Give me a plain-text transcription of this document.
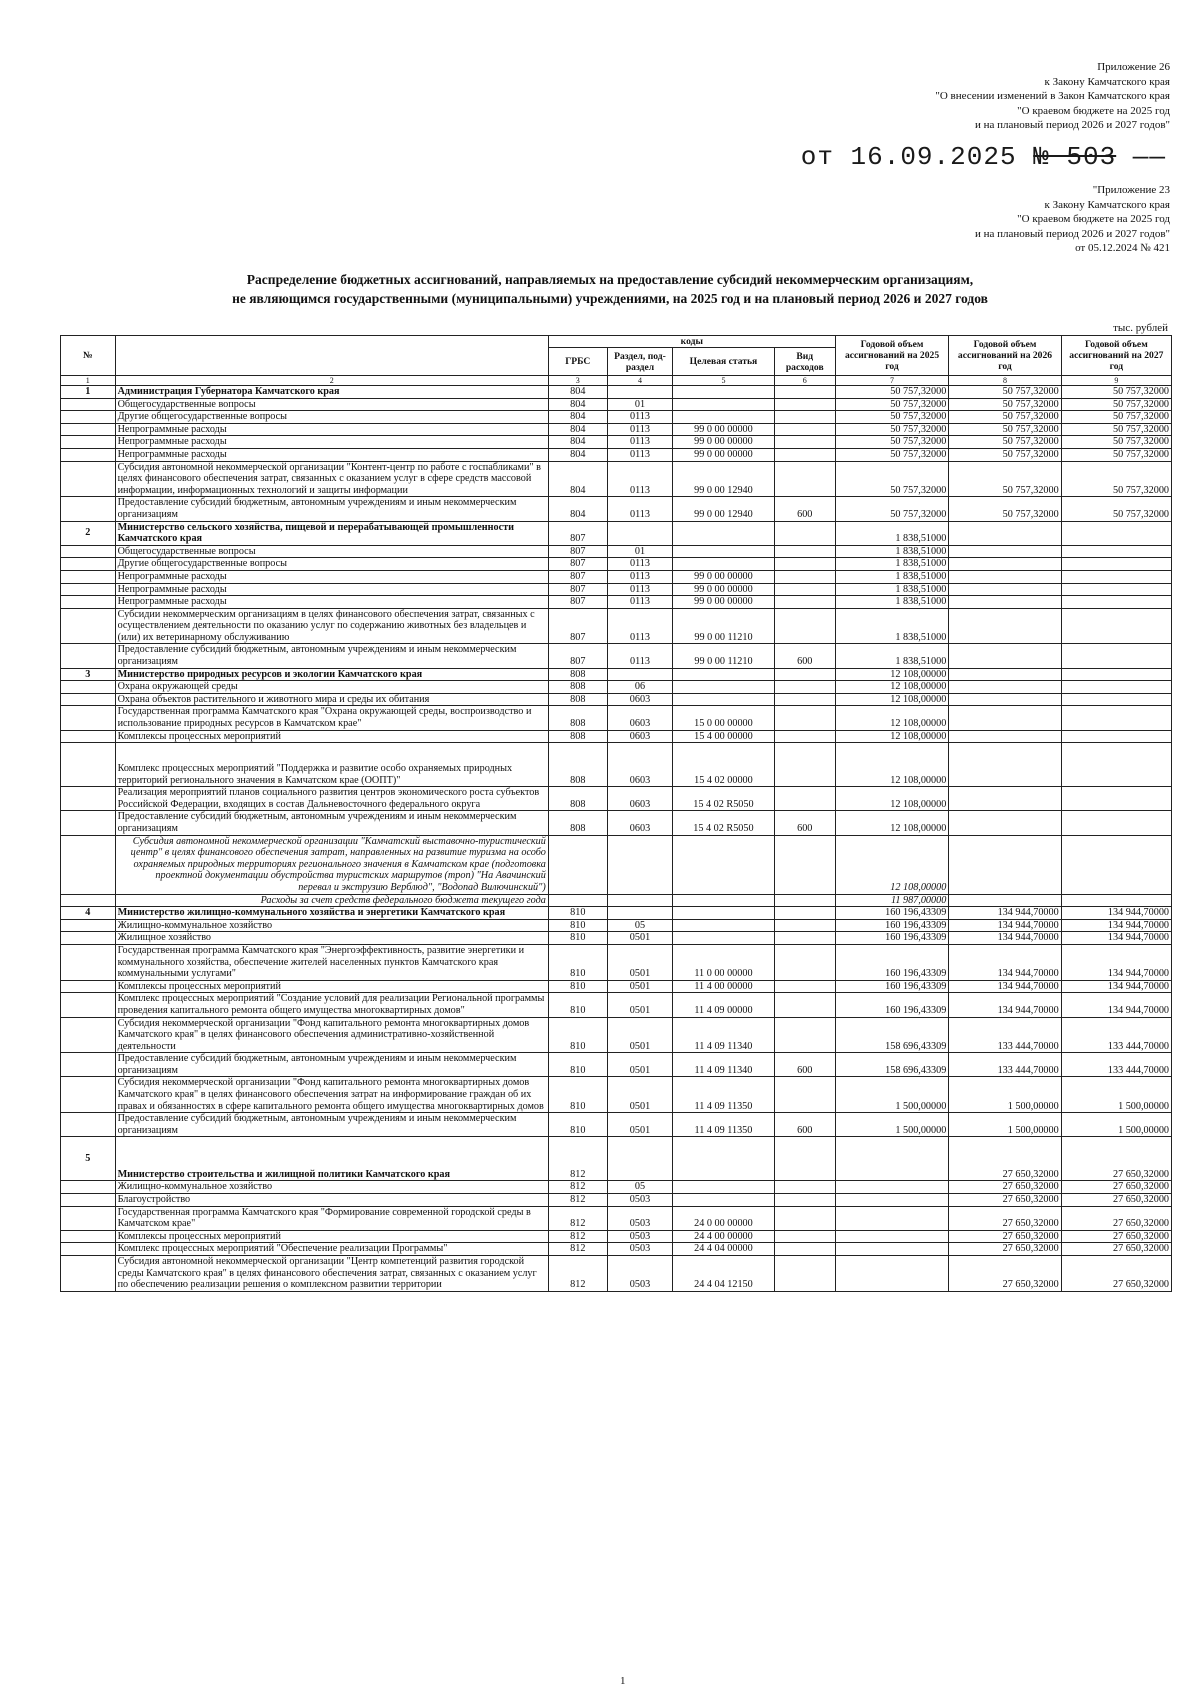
Приложение 26
к Закону Камчатского края
"О внесении изменений в Закон Камчатского края
"О краевом бюджете на 2025 год
и на плановый период 2026 и 2027 годов"
от 16.09.2025 № 503 ——
"Приложение 23
к Закону Камчатского края
"О краевом бюджете на 2025 год
и на плановый период 2026 и 2027 годов"
от 05.12.2024 № 421
Распределение бюджетных ассигнований, направляемых на предоставление субсидий некоммерческим организациям,
не являющимся государственными (муниципальными) учреждениями, на 2025 год и на плановый период 2026 и 2027 годов
тыс. рублей
№		коды				Годовой объем ассигнований на 2025 год	Годовой объем ассигнований на 2026 год	Годовой объем ассигнований на 2027 год
		ГРБС	Раздел, под-раздел	Целевая статья	Вид расходов			
1	2	3	4	5	6	7	8	9
1	Администрация Губернатора Камчатского края	804				50 757,32000	50 757,32000	50 757,32000
	Общегосударственные вопросы	804	01			50 757,32000	50 757,32000	50 757,32000
	Другие общегосударственные вопросы	804	0113			50 757,32000	50 757,32000	50 757,32000
	Непрограммные расходы	804	0113	99 0 00 00000		50 757,32000	50 757,32000	50 757,32000
	Непрограммные расходы	804	0113	99 0 00 00000		50 757,32000	50 757,32000	50 757,32000
	Непрограммные расходы	804	0113	99 0 00 00000		50 757,32000	50 757,32000	50 757,32000
	Субсидия автономной некоммерческой организации "Контент-центр по работе с госпабликами" в целях финансового обеспечения затрат, связанных с оказанием услуг в сфере средств массовой информации, информационных технологий и защиты информации	804	0113	99 0 00 12940		50 757,32000	50 757,32000	50 757,32000
	Предоставление субсидий бюджетным, автономным учреждениям и иным некоммерческим организациям	804	0113	99 0 00 12940	600	50 757,32000	50 757,32000	50 757,32000
2	Министерство сельского хозяйства, пищевой и перерабатывающей промышленности Камчатского края	807				1 838,51000		
	Общегосударственные вопросы	807	01			1 838,51000		
	Другие общегосударственные вопросы	807	0113			1 838,51000		
	Непрограммные расходы	807	0113	99 0 00 00000		1 838,51000		
	Непрограммные расходы	807	0113	99 0 00 00000		1 838,51000		
	Непрограммные расходы	807	0113	99 0 00 00000		1 838,51000		
	Субсидии некоммерческим организациям в целях финансового обеспечения затрат, связанных с осуществлением деятельности по оказанию услуг по содержанию животных без владельцев и (или) их ветеринарному обслуживанию	807	0113	99 0 00 11210		1 838,51000		
	Предоставление субсидий бюджетным, автономным учреждениям и иным некоммерческим организациям	807	0113	99 0 00 11210	600	1 838,51000		
3	Министерство природных ресурсов и экологии Камчатского края	808				12 108,00000		
	Охрана окружающей среды	808	06			12 108,00000		
	Охрана объектов растительного и животного мира и среды их обитания	808	0603			12 108,00000		
	Государственная программа Камчатского края "Охрана окружающей среды, воспроизводство и использование природных ресурсов в Камчатском крае"	808	0603	15 0 00 00000		12 108,00000		
	Комплексы процессных мероприятий	808	0603	15 4 00 00000		12 108,00000		
	Комплекс процессных мероприятий "Поддержка и развитие особо охраняемых природных территорий регионального значения в Камчатском крае (ООПТ)"	808	0603	15 4 02 00000		12 108,00000		
	Реализация мероприятий планов социального развития центров экономического роста субъектов Российской Федерации, входящих в состав Дальневосточного федерального округа	808	0603	15 4 02 R5050		12 108,00000		
	Предоставление субсидий бюджетным, автономным учреждениям и иным некоммерческим организациям	808	0603	15 4 02 R5050	600	12 108,00000		
	Субсидия автономной некоммерческой организации "Камчатский выставочно-туристический центр" в целях финансового обеспечения затрат, направленных на развитие туризма на особо охраняемых природных территориях регионального значения в Камчатском крае (подготовка проектной документации обустройства туристских маршрутов (троп) "На Авачинский перевал и экструзию Верблюд", "Водопад Вилючинский")					12 108,00000		
	Расходы за счет средств федерального бюджета текущего года					11 987,00000		
4	Министерство жилищно-коммунального хозяйства и энергетики Камчатского края	810				160 196,43309	134 944,70000	134 944,70000
	Жилищно-коммунальное хозяйство	810	05			160 196,43309	134 944,70000	134 944,70000
	Жилищное хозяйство	810	0501			160 196,43309	134 944,70000	134 944,70000
	Государственная программа Камчатского края "Энергоэффективность, развитие энергетики и коммунального хозяйства, обеспечение жителей населенных пунктов Камчатского края коммунальными услугами"	810	0501	11 0 00 00000		160 196,43309	134 944,70000	134 944,70000
	Комплексы процессных мероприятий	810	0501	11 4 00 00000		160 196,43309	134 944,70000	134 944,70000
	Комплекс процессных мероприятий "Создание условий для реализации Региональной программы проведения капитального ремонта общего имущества многоквартирных домов"	810	0501	11 4 09 00000		160 196,43309	134 944,70000	134 944,70000
	Субсидия некоммерческой организации "Фонд капитального ремонта многоквартирных домов Камчатского края" в целях финансового обеспечения административно-хозяйственной деятельности	810	0501	11 4 09 11340		158 696,43309	133 444,70000	133 444,70000
	Предоставление субсидий бюджетным, автономным учреждениям и иным некоммерческим организациям	810	0501	11 4 09 11340	600	158 696,43309	133 444,70000	133 444,70000
	Субсидия некоммерческой организации "Фонд капитального ремонта многоквартирных домов Камчатского края" в целях финансового обеспечения затрат на информирование граждан об их правах и обязанностях в сфере капитального ремонта общего имущества многоквартирных домов	810	0501	11 4 09 11350		1 500,00000	1 500,00000	1 500,00000
	Предоставление субсидий бюджетным, автономным учреждениям и иным некоммерческим организациям	810	0501	11 4 09 11350	600	1 500,00000	1 500,00000	1 500,00000
5	Министерство строительства и жилищной политики Камчатского края	812					27 650,32000	27 650,32000
	Жилищно-коммунальное хозяйство	812	05				27 650,32000	27 650,32000
	Благоустройство	812	0503				27 650,32000	27 650,32000
	Государственная программа Камчатского края "Формирование современной городской среды в Камчатском крае"	812	0503	24 0 00 00000			27 650,32000	27 650,32000
	Комплексы процессных мероприятий	812	0503	24 4 00 00000			27 650,32000	27 650,32000
	Комплекс процессных мероприятий "Обеспечение реализации Программы"	812	0503	24 4 04 00000			27 650,32000	27 650,32000
	Субсидия автономной некоммерческой организации "Центр компетенций развития городской среды Камчатского края" в целях финансового обеспечения затрат, связанных с оказанием услуг по обеспечению реализации решения о комплексном развитии территории	812	0503	24 4 04 12150			27 650,32000	27 650,32000
1
